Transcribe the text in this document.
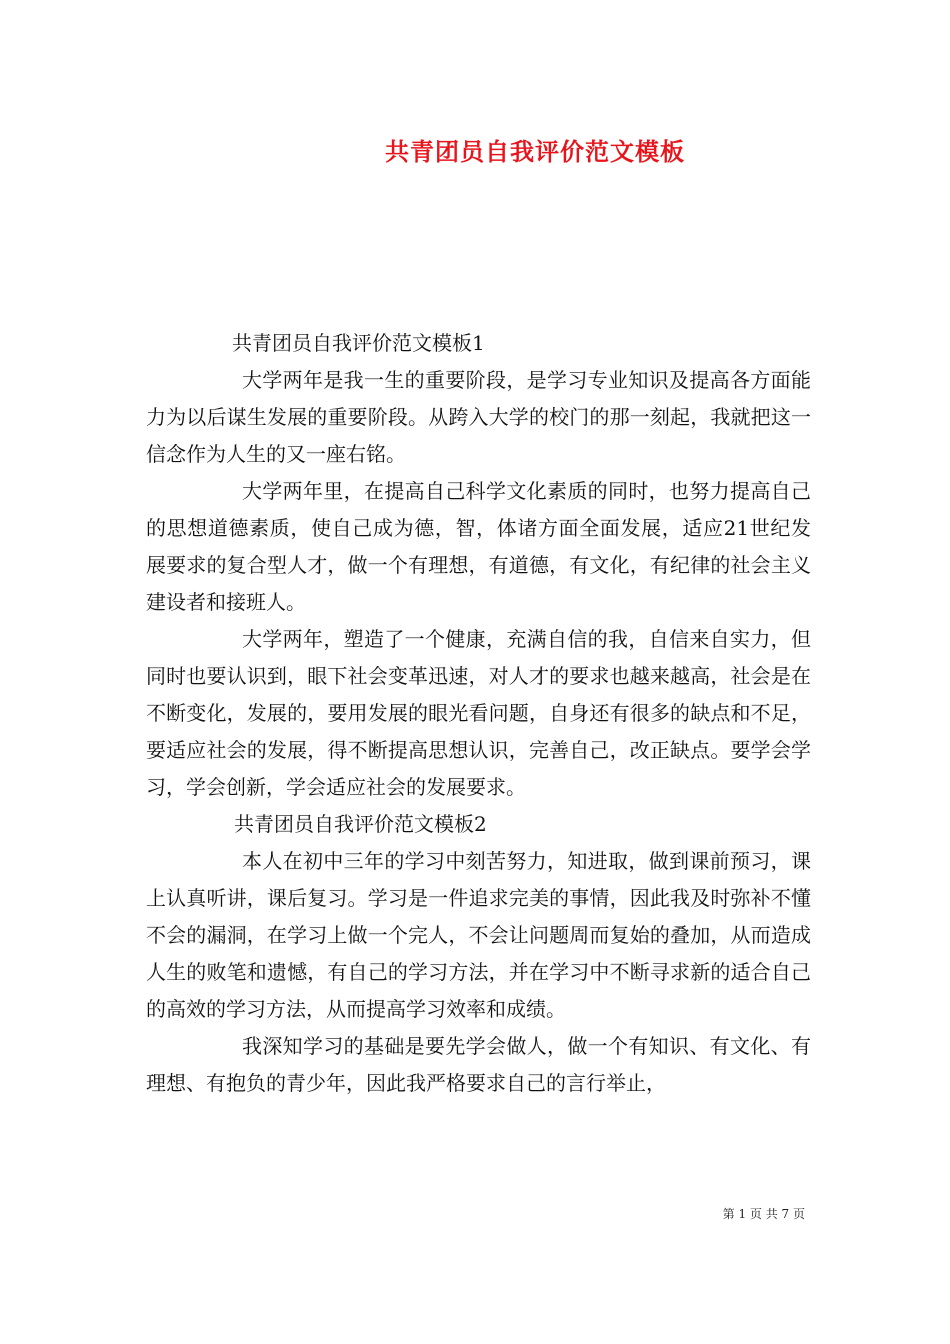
共青团员自我评价范文模板

共青团员自我评价范文模板1

大学两年是我一生的重要阶段，是学习专业知识及提高各方面能力为以后谋生发展的重要阶段。从跨入大学的校门的那一刻起，我就把这一信念作为人生的又一座右铭。

大学两年里，在提高自己科学文化素质的同时，也努力提高自己的思想道德素质，使自己成为德，智，体诸方面全面发展，适应21世纪发展要求的复合型人才，做一个有理想，有道德，有文化，有纪律的社会主义建设者和接班人。

大学两年，塑造了一个健康，充满自信的我，自信来自实力，但同时也要认识到，眼下社会变革迅速，对人才的要求也越来越高，社会是在不断变化，发展的，要用发展的眼光看问题，自身还有很多的缺点和不足，要适应社会的发展，得不断提高思想认识，完善自己，改正缺点。要学会学习，学会创新，学会适应社会的发展要求。

共青团员自我评价范文模板2

本人在初中三年的学习中刻苦努力，知进取，做到课前预习，课上认真听讲，课后复习。学习是一件追求完美的事情，因此我及时弥补不懂不会的漏洞，在学习上做一个完人，不会让问题周而复始的叠加，从而造成人生的败笔和遗憾，有自己的学习方法，并在学习中不断寻求新的适合自己的高效的学习方法，从而提高学习效率和成绩。

我深知学习的基础是要先学会做人，做一个有知识、有文化、有理想、有抱负的青少年，因此我严格要求自己的言行举止，

第 1 页 共 7 页
